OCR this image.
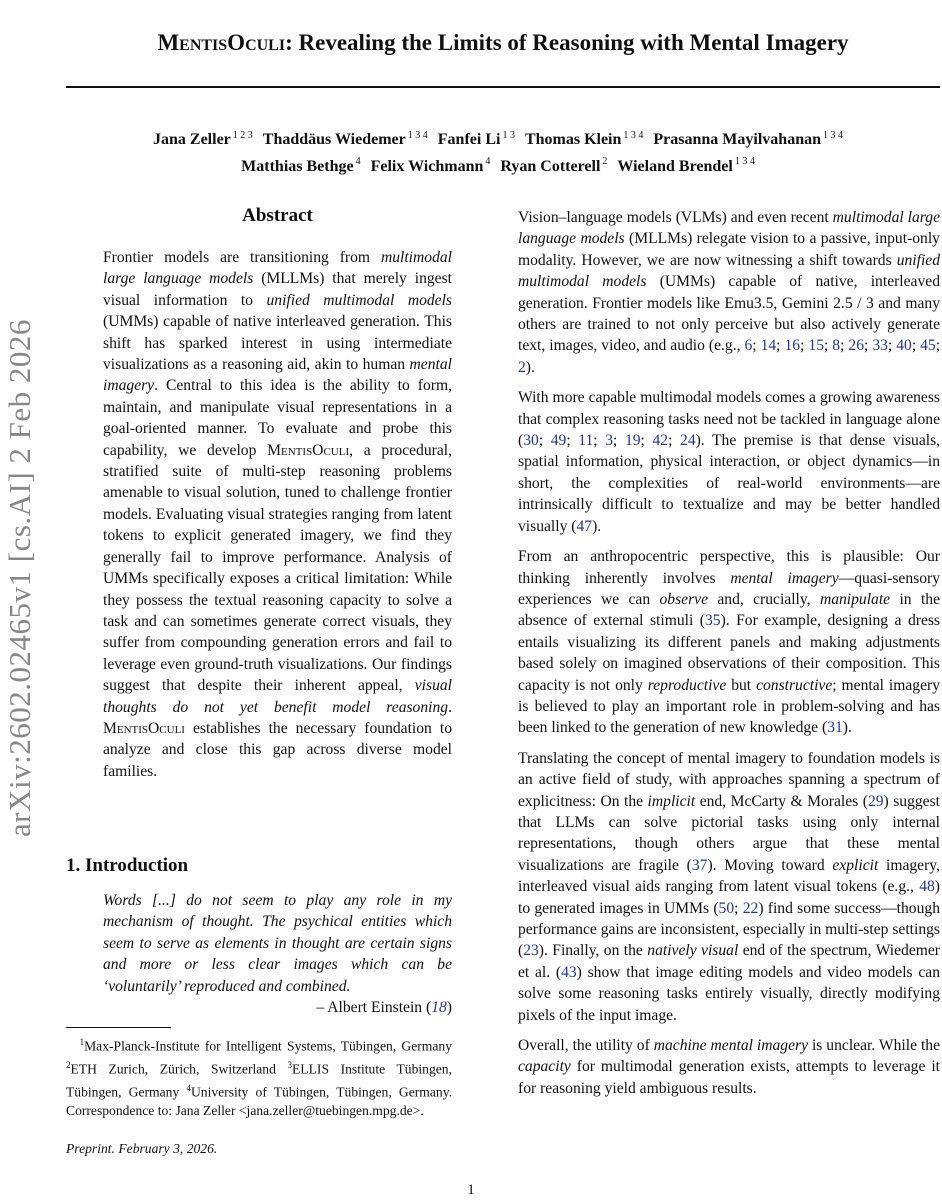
MentisOculi: Revealing the Limits of Reasoning with Mental Imagery
Jana Zeller $^{1 2 3}$ Thaddäus Wiedemer $^{1 3 4}$ Fanfei Li $^{1 3}$ Thomas Klein $^{1 3 4}$ Prasanna Mayilvahanan $^{1 3 4}$
Matthias Bethge $^4$ Felix Wichmann $^4$ Ryan Cotterell $^2$ Wieland Brendel $^{1 3 4}$
arXiv:2602.02465v1 [cs.AI] 2 Feb 2026
Abstract

Frontier models are transitioning from multimodal large language models (MLLMs) that merely ingest visual information to unified multimodal models (UMMs) capable of native interleaved generation. This shift has sparked interest in using intermediate visualizations as a reasoning aid, akin to human mental imagery. Central to this idea is the ability to form, maintain, and manipulate visual representations in a goal-oriented manner. To evaluate and probe this capability, we develop MentisOculi, a procedural, stratified suite of multi-step reasoning problems amenable to visual solution, tuned to challenge frontier models. Evaluating visual strategies ranging from latent tokens to explicit generated imagery, we find they generally fail to improve performance. Analysis of UMMs specifically exposes a critical limitation: While they possess the textual reasoning capacity to solve a task and can sometimes generate correct visuals, they suffer from compounding generation errors and fail to leverage even ground-truth visualizations. Our findings suggest that despite their inherent appeal, visual thoughts do not yet benefit model reasoning. MentisOculi establishes the necessary foundation to analyze and close this gap across diverse model families.

1. Introduction
Words [...] do not seem to play any role in my mechanism of thought. The psychical entities which seem to serve as elements in thought are certain signs and more or less clear images which can be ‘voluntarily’ reproduced and combined.
– Albert Einstein (18)
 $^1$Max-Planck-Institute for Intelligent Systems, Tübingen, Germany $^2$ETH Zurich, Zürich, Switzerland $^3$ELLIS Institute Tübingen, Tübingen, Germany $^4$University of Tübingen, Tübingen, Germany. Correspondence to: Jana Zeller <jana.zeller@tuebingen.mpg.de>.
Preprint. February 3, 2026.

Vision–language models (VLMs) and even recent multimodal large language models (MLLMs) relegate vision to a passive, input-only modality. However, we are now witnessing a shift towards unified multimodal models (UMMs) capable of native, interleaved generation. Frontier models like Emu3.5, Gemini 2.5 / 3 and many others are trained to not only perceive but also actively generate text, images, video, and audio (e.g., 6; 14; 16; 15; 8; 26; 33; 40; 45; 2).

With more capable multimodal models comes a growing awareness that complex reasoning tasks need not be tackled in language alone (30; 49; 11; 3; 19; 42; 24). The premise is that dense visuals, spatial information, physical interaction, or object dynamics—in short, the complexities of real-world environments—are intrinsically difficult to textualize and may be better handled visually (47).

From an anthropocentric perspective, this is plausible: Our thinking inherently involves mental imagery—quasi-sensory experiences we can observe and, crucially, manipulate in the absence of external stimuli (35). For example, designing a dress entails visualizing its different panels and making adjustments based solely on imagined observations of their composition. This capacity is not only reproductive but constructive; mental imagery is believed to play an important role in problem-solving and has been linked to the generation of new knowledge (31).

Translating the concept of mental imagery to foundation models is an active field of study, with approaches spanning a spectrum of explicitness: On the implicit end, McCarty & Morales (29) suggest that LLMs can solve pictorial tasks using only internal representations, though others argue that these mental visualizations are fragile (37). Moving toward explicit imagery, interleaved visual aids ranging from latent visual tokens (e.g., 48) to generated images in UMMs (50; 22) find some success—though performance gains are inconsistent, especially in multi-step settings (23). Finally, on the natively visual end of the spectrum, Wiedemer et al. (43) show that image editing models and video models can solve some reasoning tasks entirely visually, directly modifying pixels of the input image.

Overall, the utility of machine mental imagery is unclear. While the capacity for multimodal generation exists, attempts to leverage it for reasoning yield ambiguous results.

1
